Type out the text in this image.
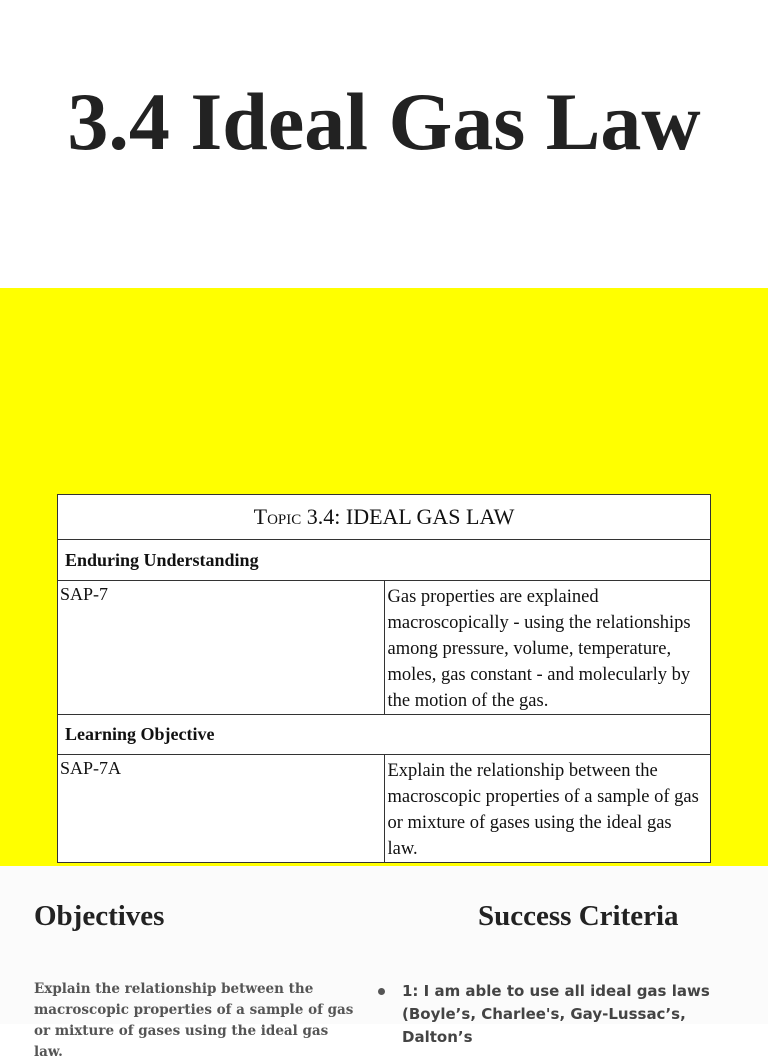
3.4 Ideal Gas Law
Topic 3.4: IDEAL GAS LAW	
Enduring Understanding	
SAP-7	Gas properties are explained macroscopically - using the relationships among pressure, volume, temperature, moles, gas constant - and molecularly by the motion of the gas.
Learning Objective	
SAP-7A	Explain the relationship between the macroscopic properties of a sample of gas or mixture of gases using the ideal gas law.
Objectives	Success Criteria
Explain the relationship between the macroscopic properties of a sample of gas or mixture of gases using the ideal gas law.
1: I am able to use all ideal gas laws (Boyle’s, Charlee's, Gay-Lussac’s, Dalton’s
